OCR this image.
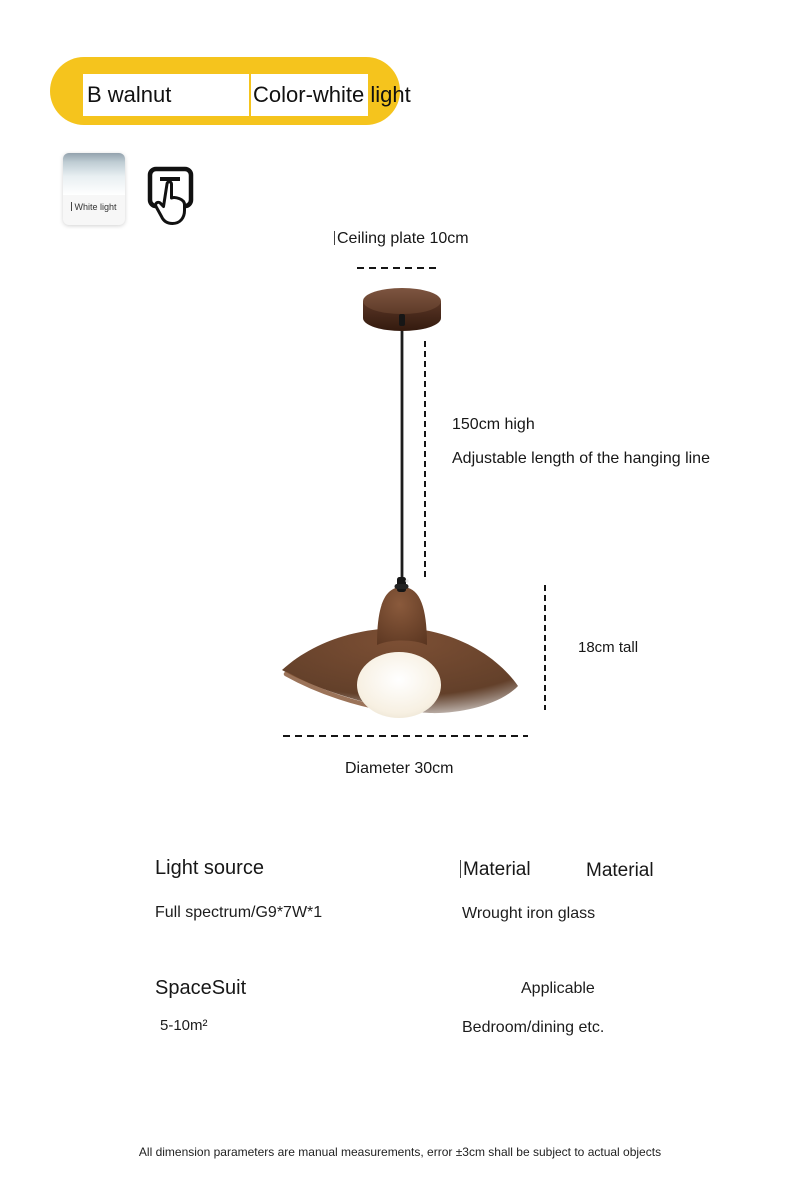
B walnut	Color-white light
White light
Ceiling plate 10cm
150cm high
Adjustable length of the hanging line
18cm tall
Diameter 30cm
Light source
Full spectrum/G9*7W*1
Material	Material
Wrought iron glass
SpaceSuit
5-10m²
Applicable
Bedroom/dining etc.
All dimension parameters are manual measurements, error ±3cm shall be subject to actual objects
